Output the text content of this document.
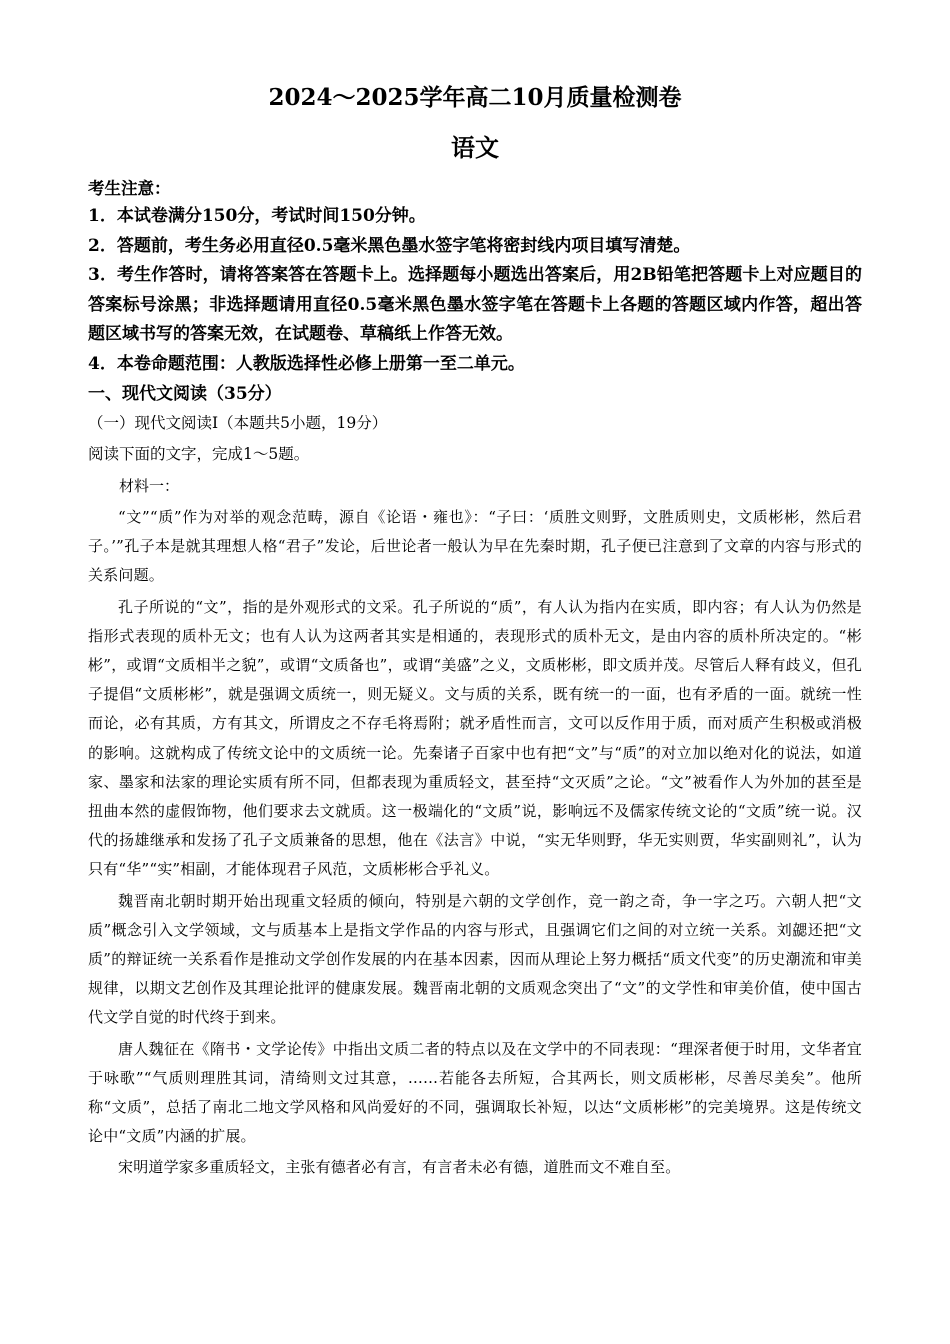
2024～2025学年高二10月质量检测卷
语文

考生注意：

1．本试卷满分150分，考试时间150分钟。

2．答题前，考生务必用直径0.5毫米黑色墨水签字笔将密封线内项目填写清楚。

3．考生作答时，请将答案答在答题卡上。选择题每小题选出答案后，用2B铅笔把答题卡上对应题目的答案标号涂黑；非选择题请用直径0.5毫米黑色墨水签字笔在答题卡上各题的答题区域内作答，超出答题区域书写的答案无效，在试题卷、草稿纸上作答无效。

4．本卷命题范围：人教版选择性必修上册第一至二单元。

一、现代文阅读（35分）

（一）现代文阅读Ⅰ（本题共5小题，19分）

阅读下面的文字，完成1～5题。

材料一：

“文”“质”作为对举的观念范畴，源自《论语・雍也》：“子曰：‘质胜文则野，文胜质则史，文质彬彬，然后君子。’”孔子本是就其理想人格“君子”发论，后世论者一般认为早在先秦时期，孔子便已注意到了文章的内容与形式的关系问题。

孔子所说的“文”，指的是外观形式的文采。孔子所说的“质”，有人认为指内在实质，即内容；有人认为仍然是指形式表现的质朴无文；也有人认为这两者其实是相通的，表现形式的质朴无文，是由内容的质朴所决定的。“彬彬”，或谓“文质相半之貌”，或谓“文质备也”，或谓“美盛”之义，文质彬彬，即文质并茂。尽管后人释有歧义，但孔子提倡“文质彬彬”，就是强调文质统一，则无疑义。文与质的关系，既有统一的一面，也有矛盾的一面。就统一性而论，必有其质，方有其文，所谓皮之不存毛将焉附；就矛盾性而言，文可以反作用于质，而对质产生积极或消极的影响。这就构成了传统文论中的文质统一论。先秦诸子百家中也有把“文”与“质”的对立加以绝对化的说法，如道家、墨家和法家的理论实质有所不同，但都表现为重质轻文，甚至持“文灭质”之论。“文”被看作人为外加的甚至是扭曲本然的虚假饰物，他们要求去文就质。这一极端化的“文质”说，影响远不及儒家传统文论的“文质”统一说。汉代的扬雄继承和发扬了孔子文质兼备的思想，他在《法言》中说，“实无华则野，华无实则贾，华实副则礼”，认为只有“华”“实”相副，才能体现君子风范，文质彬彬合乎礼义。

魏晋南北朝时期开始出现重文轻质的倾向，特别是六朝的文学创作，竞一韵之奇，争一字之巧。六朝人把“文质”概念引入文学领域，文与质基本上是指文学作品的内容与形式，且强调它们之间的对立统一关系。刘勰还把“文质”的辩证统一关系看作是推动文学创作发展的内在基本因素，因而从理论上努力概括“质文代变”的历史潮流和审美规律，以期文艺创作及其理论批评的健康发展。魏晋南北朝的文质观念突出了“文”的文学性和审美价值，使中国古代文学自觉的时代终于到来。

唐人魏征在《隋书・文学论传》中指出文质二者的特点以及在文学中的不同表现：“理深者便于时用，文华者宜于咏歌”“气质则理胜其词，清绮则文过其意，……若能各去所短，合其两长，则文质彬彬，尽善尽美矣”。他所称“文质”，总括了南北二地文学风格和风尚爱好的不同，强调取长补短，以达“文质彬彬”的完美境界。这是传统文论中“文质”内涵的扩展。

宋明道学家多重质轻文，主张有德者必有言，有言者未必有德，道胜而文不难自至。
